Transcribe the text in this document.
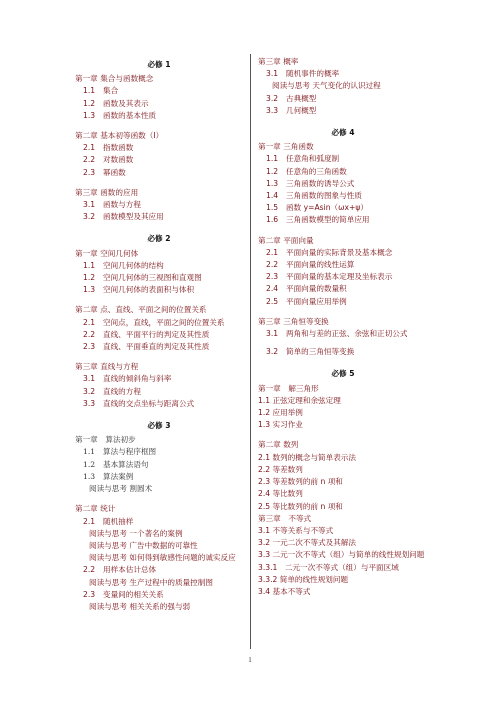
必修 1
第一章 集合与函数概念
1.1 集合
1.2 函数及其表示
1.3 函数的基本性质
第二章 基本初等函数（Ⅰ）
2.1 指数函数
2.2 对数函数
2.3 幂函数
第三章 函数的应用
3.1 函数与方程
3.2 函数模型及其应用
必修 2
第一章 空间几何体
1.1 空间几何体的结构
1.2 空间几何体的三视图和直观图
1.3 空间几何体的表面积与体积
第二章 点、直线、平面之间的位置关系
2.1 空间点，直线，平面之间的位置关系
2.2 直线、平面平行的判定及其性质
2.3 直线、平面垂直的判定及其性质
第三章 直线与方程
3.1 直线的倾斜角与斜率
3.2 直线的方程
3.3 直线的交点坐标与距离公式
必修 3
第一章　算法初步
1.1 算法与程序框图
1.2 基本算法语句
1.3 算法案例
阅读与思考 割圆术
第二章 统计
2.1 随机抽样
阅读与思考 一个著名的案例
阅读与思考 广告中数据的可靠性
阅读与思考 如何得到敏感性问题的诚实反应
2.2 用样本估计总体
阅读与思考 生产过程中的质量控制图
2.3 变量间的相关关系
阅读与思考 相关关系的强与弱
第三章 概率
3.1 随机事件的概率
阅读与思考 天气变化的认识过程
3.2 古典概型
3.3 几何概型
必修 4
第一章 三角函数
1.1 任意角和弧度制
1.2 任意角的三角函数
1.3 三角函数的诱导公式
1.4 三角函数的图象与性质
1.5 函数 y=Asin（ωx+ψ）
1.6 三角函数模型的简单应用
第二章 平面向量
2.1 平面向量的实际背景及基本概念
2.2 平面向量的线性运算
2.3 平面向量的基本定理及坐标表示
2.4 平面向量的数量积
2.5 平面向量应用举例
第三章 三角恒等变换
3.1 两角和与差的正弦、余弦和正切公式
3.2 简单的三角恒等变换
必修 5
第一章　解三角形
1.1 正弦定理和余弦定理
1.2 应用举例
1.3 实习作业
第二章 数列
2.1 数列的概念与简单表示法
2.2 等差数列
2.3 等差数列的前 n 项和
2.4 等比数列
2.5 等比数列的前 n 项和
第三章　不等式
3.1 不等关系与不等式
3.2 一元二次不等式及其解法
3.3 二元一次不等式（组）与简单的线性规划问题
3.3.1　二元一次不等式（组）与平面区域
3.3.2 简单的线性规划问题
3.4 基本不等式
1
